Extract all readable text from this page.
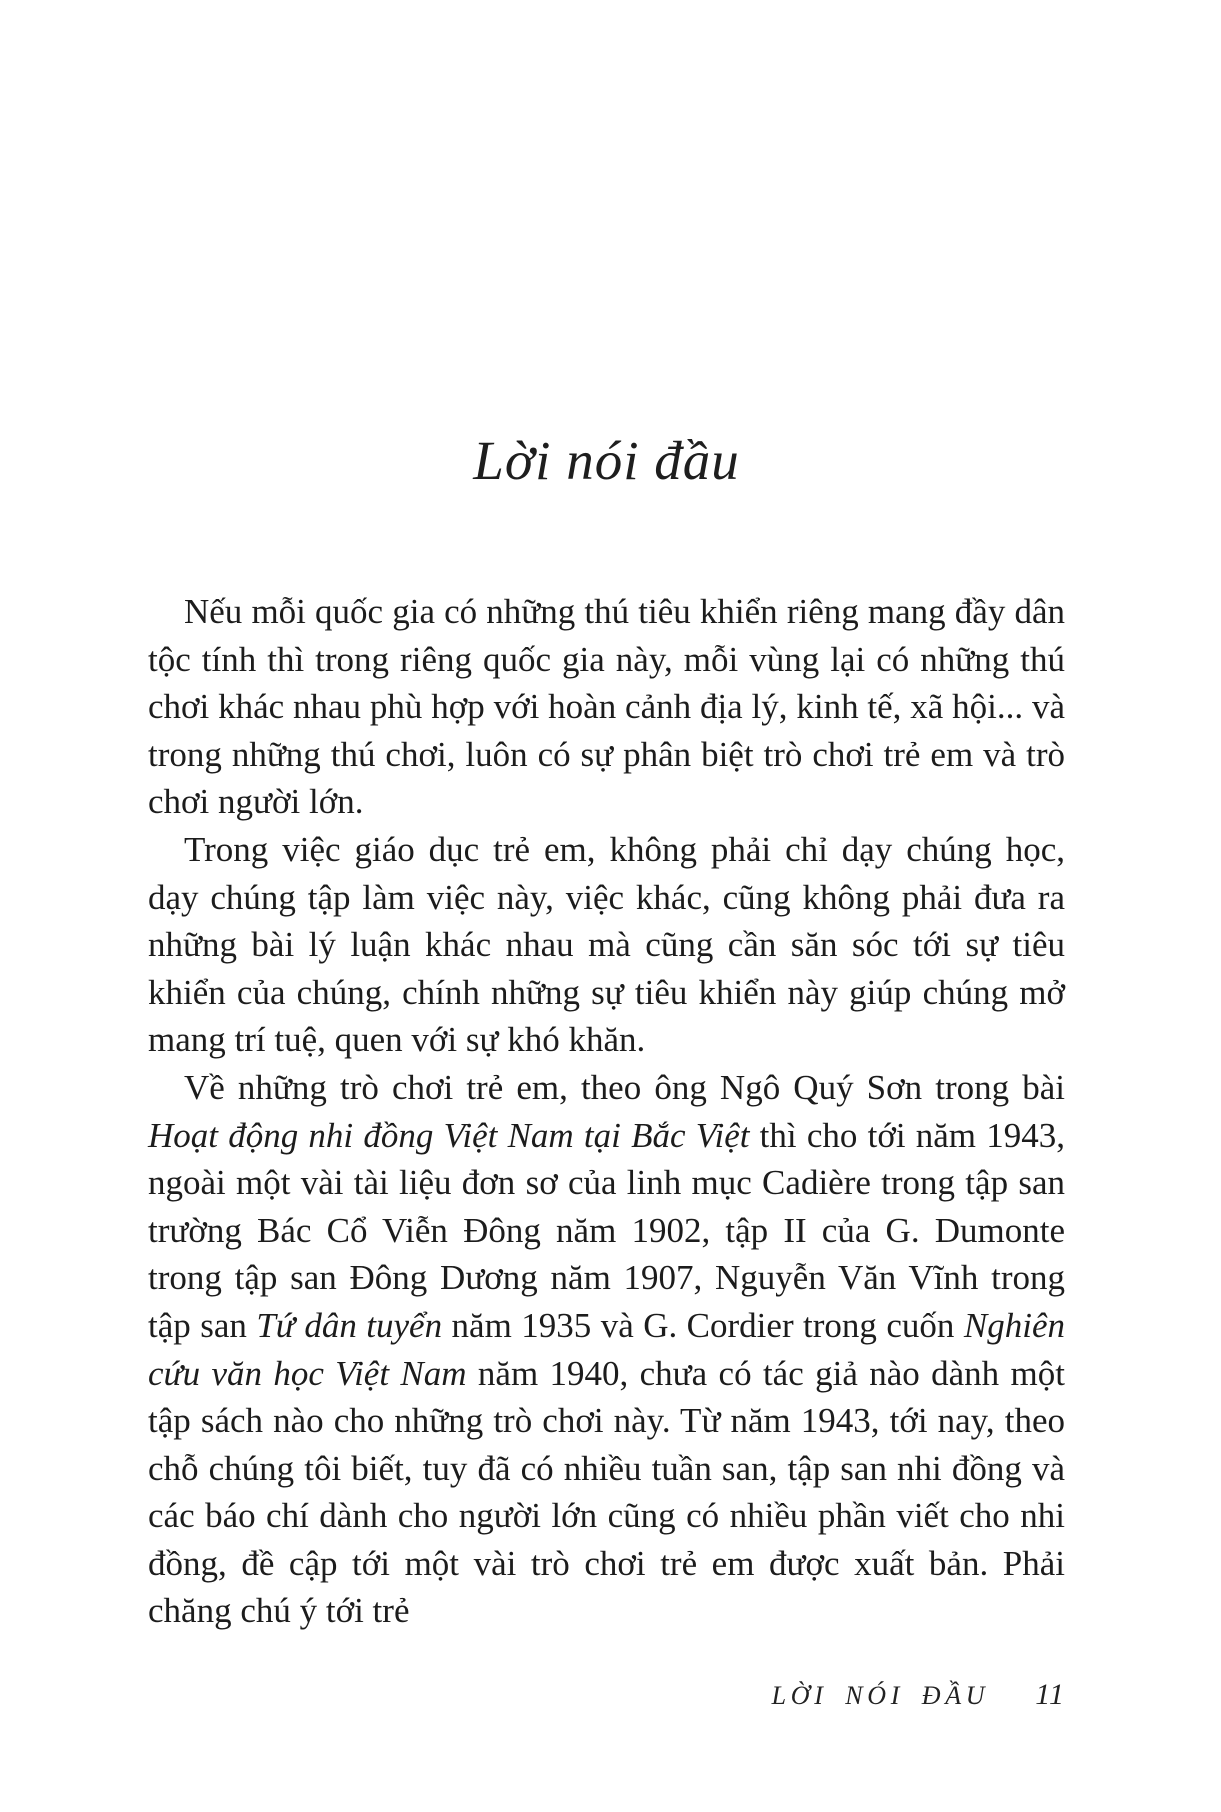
Lời nói đầu

Nếu mỗi quốc gia có những thú tiêu khiển riêng mang đầy dân tộc tính thì trong riêng quốc gia này, mỗi vùng lại có những thú chơi khác nhau phù hợp với hoàn cảnh địa lý, kinh tế, xã hội... và trong những thú chơi, luôn có sự phân biệt trò chơi trẻ em và trò chơi người lớn.

Trong việc giáo dục trẻ em, không phải chỉ dạy chúng học, dạy chúng tập làm việc này, việc khác, cũng không phải đưa ra những bài lý luận khác nhau mà cũng cần săn sóc tới sự tiêu khiển của chúng, chính những sự tiêu khiển này giúp chúng mở mang trí tuệ, quen với sự khó khăn.

Về những trò chơi trẻ em, theo ông Ngô Quý Sơn trong bài Hoạt động nhi đồng Việt Nam tại Bắc Việt thì cho tới năm 1943, ngoài một vài tài liệu đơn sơ của linh mục Cadière trong tập san trường Bác Cổ Viễn Đông năm 1902, tập II của G. Dumonte trong tập san Đông Dương năm 1907, Nguyễn Văn Vĩnh trong tập san Tứ dân tuyển năm 1935 và G. Cordier trong cuốn Nghiên cứu văn học Việt Nam năm 1940, chưa có tác giả nào dành một tập sách nào cho những trò chơi này. Từ năm 1943, tới nay, theo chỗ chúng tôi biết, tuy đã có nhiều tuần san, tập san nhi đồng và các báo chí dành cho người lớn cũng có nhiều phần viết cho nhi đồng, đề cập tới một vài trò chơi trẻ em được xuất bản. Phải chăng chú ý tới trẻ

LỜI NÓI ĐẦU 11
